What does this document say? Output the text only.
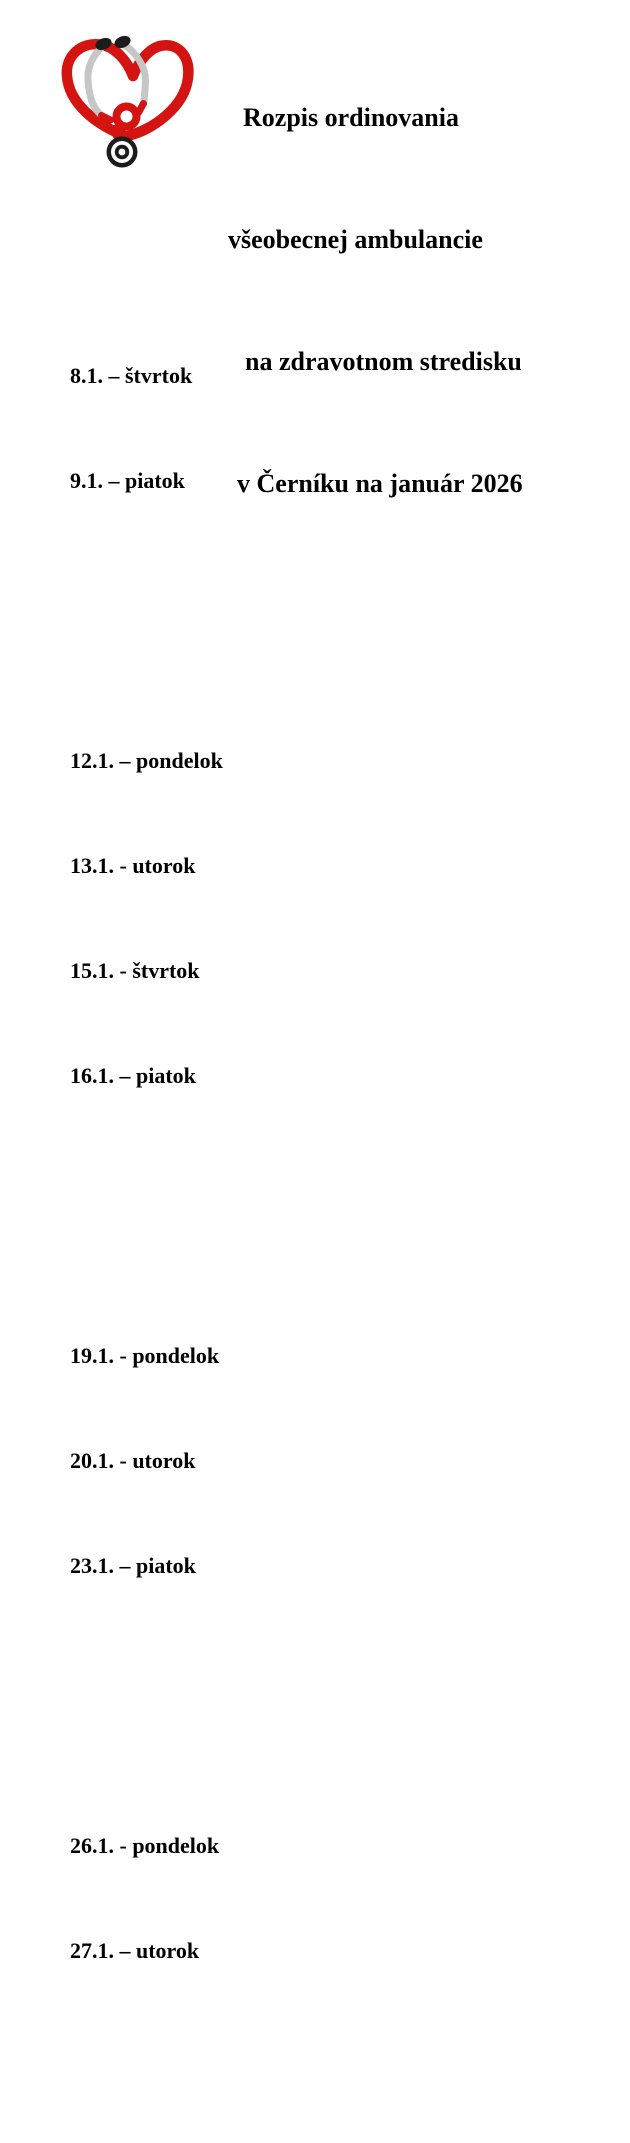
Rozpis ordinovania

všeobecnej ambulancie

na zdravotnom stredisku

v Černíku na január 2026

8.1. – štvrtok

9.1. – piatok

12.1. – pondelok

13.1. - utorok

15.1. - štvrtok

16.1. – piatok

19.1. - pondelok

20.1. - utorok

23.1. – piatok

26.1. - pondelok

27.1. – utorok
